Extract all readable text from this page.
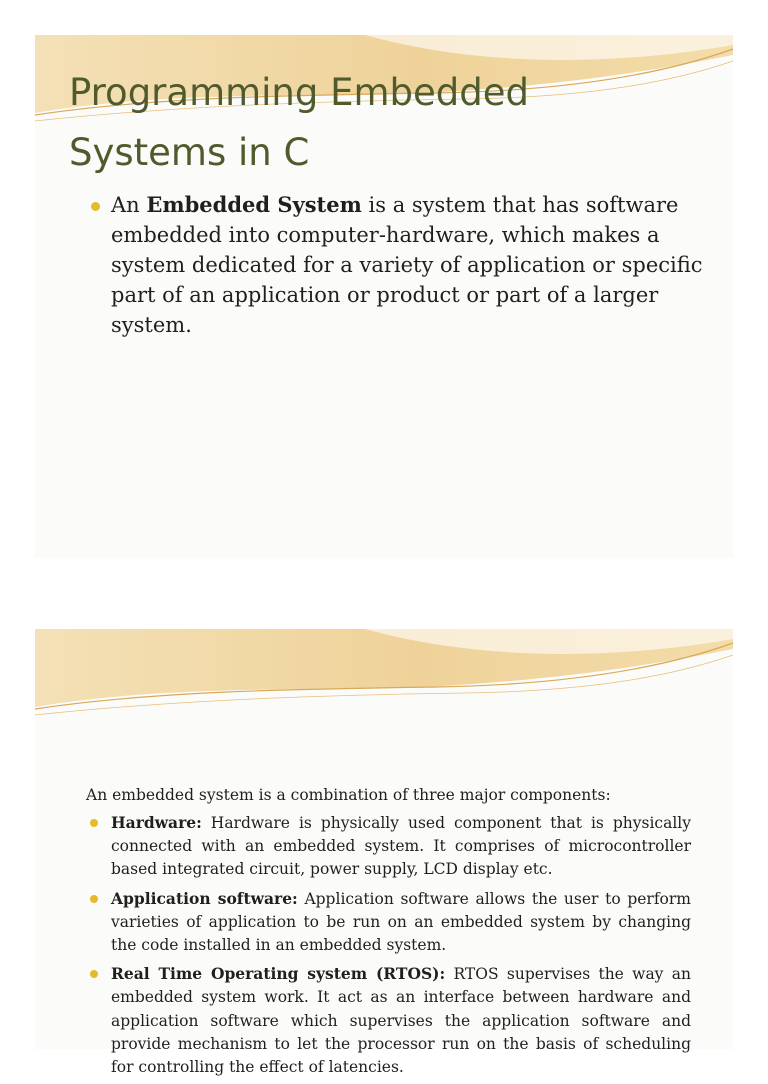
Programming Embedded
Systems in C
An Embedded System is a system that has software embedded into computer-hardware, which makes a system dedicated for a variety of application or specific part of an application or product or part of a larger system.

An embedded system is a combination of three major components:

Hardware: Hardware is physically used component that is physically connected with an embedded system. It comprises of microcontroller based integrated circuit, power supply, LCD display etc.
Application software: Application software allows the user to perform varieties of application to be run on an embedded system by changing the code installed in an embedded system.
Real Time Operating system (RTOS): RTOS supervises the way an embedded system work. It act as an interface between hardware and application software which supervises the application software and provide mechanism to let the processor run on the basis of scheduling for controlling the effect of latencies.
